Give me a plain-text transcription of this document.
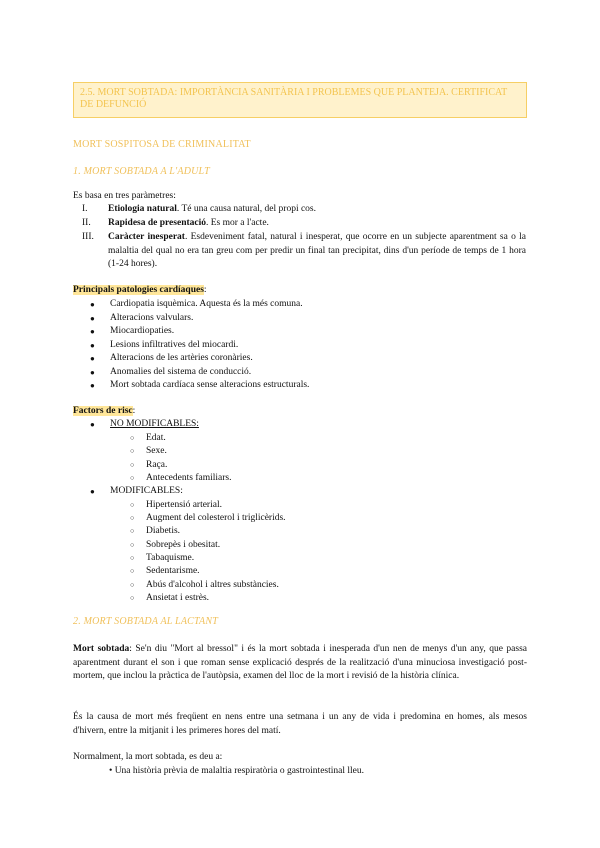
2.5. MORT SOBTADA: IMPORTÀNCIA SANITÀRIA I PROBLEMES QUE PLANTEJA. CERTIFICAT DE DEFUNCIÓ
MORT SOSPITOSA DE CRIMINALITAT
1. MORT SOBTADA A L'ADULT
Es basa en tres paràmetres:
I. Etiologia natural. Té una causa natural, del propi cos.
II. Rapidesa de presentació. Es mor a l'acte.
III. Caràcter inesperat. Esdeveniment fatal, natural i inesperat, que ocorre en un subjecte aparentment sa o la malaltia del qual no era tan greu com per predir un final tan precipitat, dins d'un període de temps de 1 hora (1-24 hores).
Principals patologies cardíaques:
● Cardiopatia isquèmica. Aquesta és la més comuna.
● Alteracions valvulars.
● Miocardiopaties.
● Lesions infiltratives del miocardi.
● Alteracions de les artèries coronàries.
● Anomalies del sistema de conducció.
● Mort sobtada cardíaca sense alteracions estructurals.
Factors de risc:
● NO MODIFICABLES:
○ Edat.
○ Sexe.
○ Raça.
○ Antecedents familiars.
● MODIFICABLES:
○ Hipertensió arterial.
○ Augment del colesterol i triglicèrids.
○ Diabetis.
○ Sobrepès i obesitat.
○ Tabaquisme.
○ Sedentarisme.
○ Abús d'alcohol i altres substàncies.
○ Ansietat i estrès.
2. MORT SOBTADA AL LACTANT
Mort sobtada: Se'n diu "Mort al bressol" i és la mort sobtada i inesperada d'un nen de menys d'un any, que passa aparentment durant el son i que roman sense explicació després de la realització d'una minuciosa investigació post-mortem, que inclou la pràctica de l'autòpsia, examen del lloc de la mort i revisió de la història clínica.
És la causa de mort més freqüent en nens entre una setmana i un any de vida i predomina en homes, als mesos d'hivern, entre la mitjanit i les primeres hores del matí.
Normalment, la mort sobtada, es deu a:
• Una història prèvia de malaltia respiratòria o gastrointestinal lleu.
